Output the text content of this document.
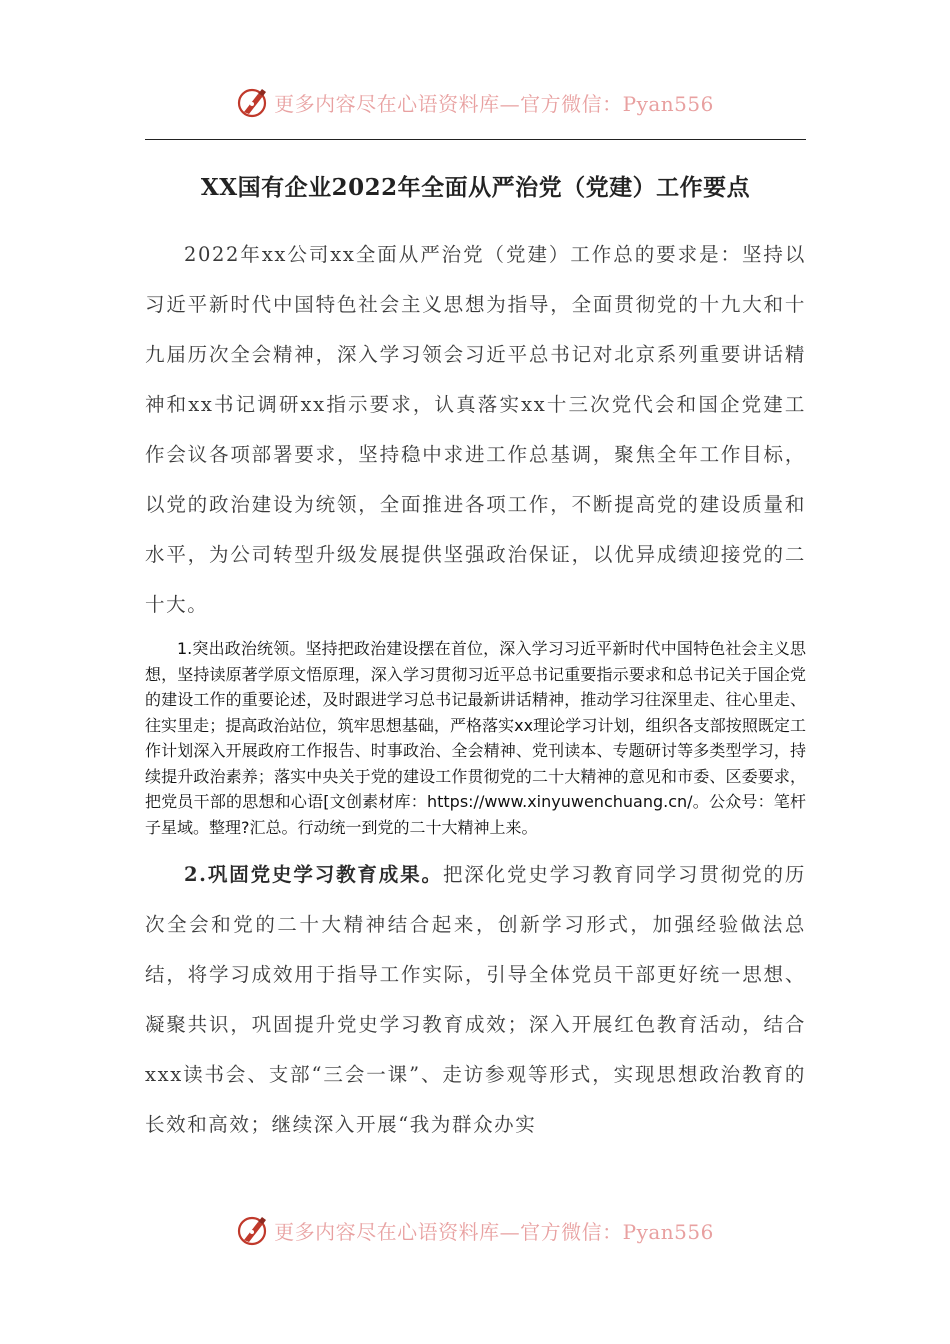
更多内容尽在心语资料库—官方微信：Pyan556
XX国有企业2022年全面从严治党（党建）工作要点

2022年xx公司xx全面从严治党（党建）工作总的要求是：坚持以习近平新时代中国特色社会主义思想为指导，全面贯彻党的十九大和十九届历次全会精神，深入学习领会习近平总书记对北京系列重要讲话精神和xx书记调研xx指示要求，认真落实xx十三次党代会和国企党建工作会议各项部署要求，坚持稳中求进工作总基调，聚焦全年工作目标，以党的政治建设为统领，全面推进各项工作，不断提高党的建设质量和水平，为公司转型升级发展提供坚强政治保证，以优异成绩迎接党的二十大。

1.突出政治统领。坚持把政治建设摆在首位，深入学习习近平新时代中国特色社会主义思想，坚持读原著学原文悟原理，深入学习贯彻习近平总书记重要指示要求和总书记关于国企党的建设工作的重要论述，及时跟进学习总书记最新讲话精神，推动学习往深里走、往心里走、往实里走；提高政治站位，筑牢思想基础，严格落实xx理论学习计划，组织各支部按照既定工作计划深入开展政府工作报告、时事政治、全会精神、党刊读本、专题研讨等多类型学习，持续提升政治素养；落实中央关于党的建设工作贯彻党的二十大精神的意见和市委、区委要求，把党员干部的思想和心语[文创素材库：https://www.xinyuwenchuang.cn/。公众号：笔杆子星域。整理?汇总。行动统一到党的二十大精神上来。

2.巩固党史学习教育成果。把深化党史学习教育同学习贯彻党的历次全会和党的二十大精神结合起来，创新学习形式，加强经验做法总结，将学习成效用于指导工作实际，引导全体党员干部更好统一思想、凝聚共识，巩固提升党史学习教育成效；深入开展红色教育活动，结合xxx读书会、支部“三会一课”、走访参观等形式，实现思想政治教育的长效和高效；继续深入开展“我为群众办实

更多内容尽在心语资料库—官方微信：Pyan556
